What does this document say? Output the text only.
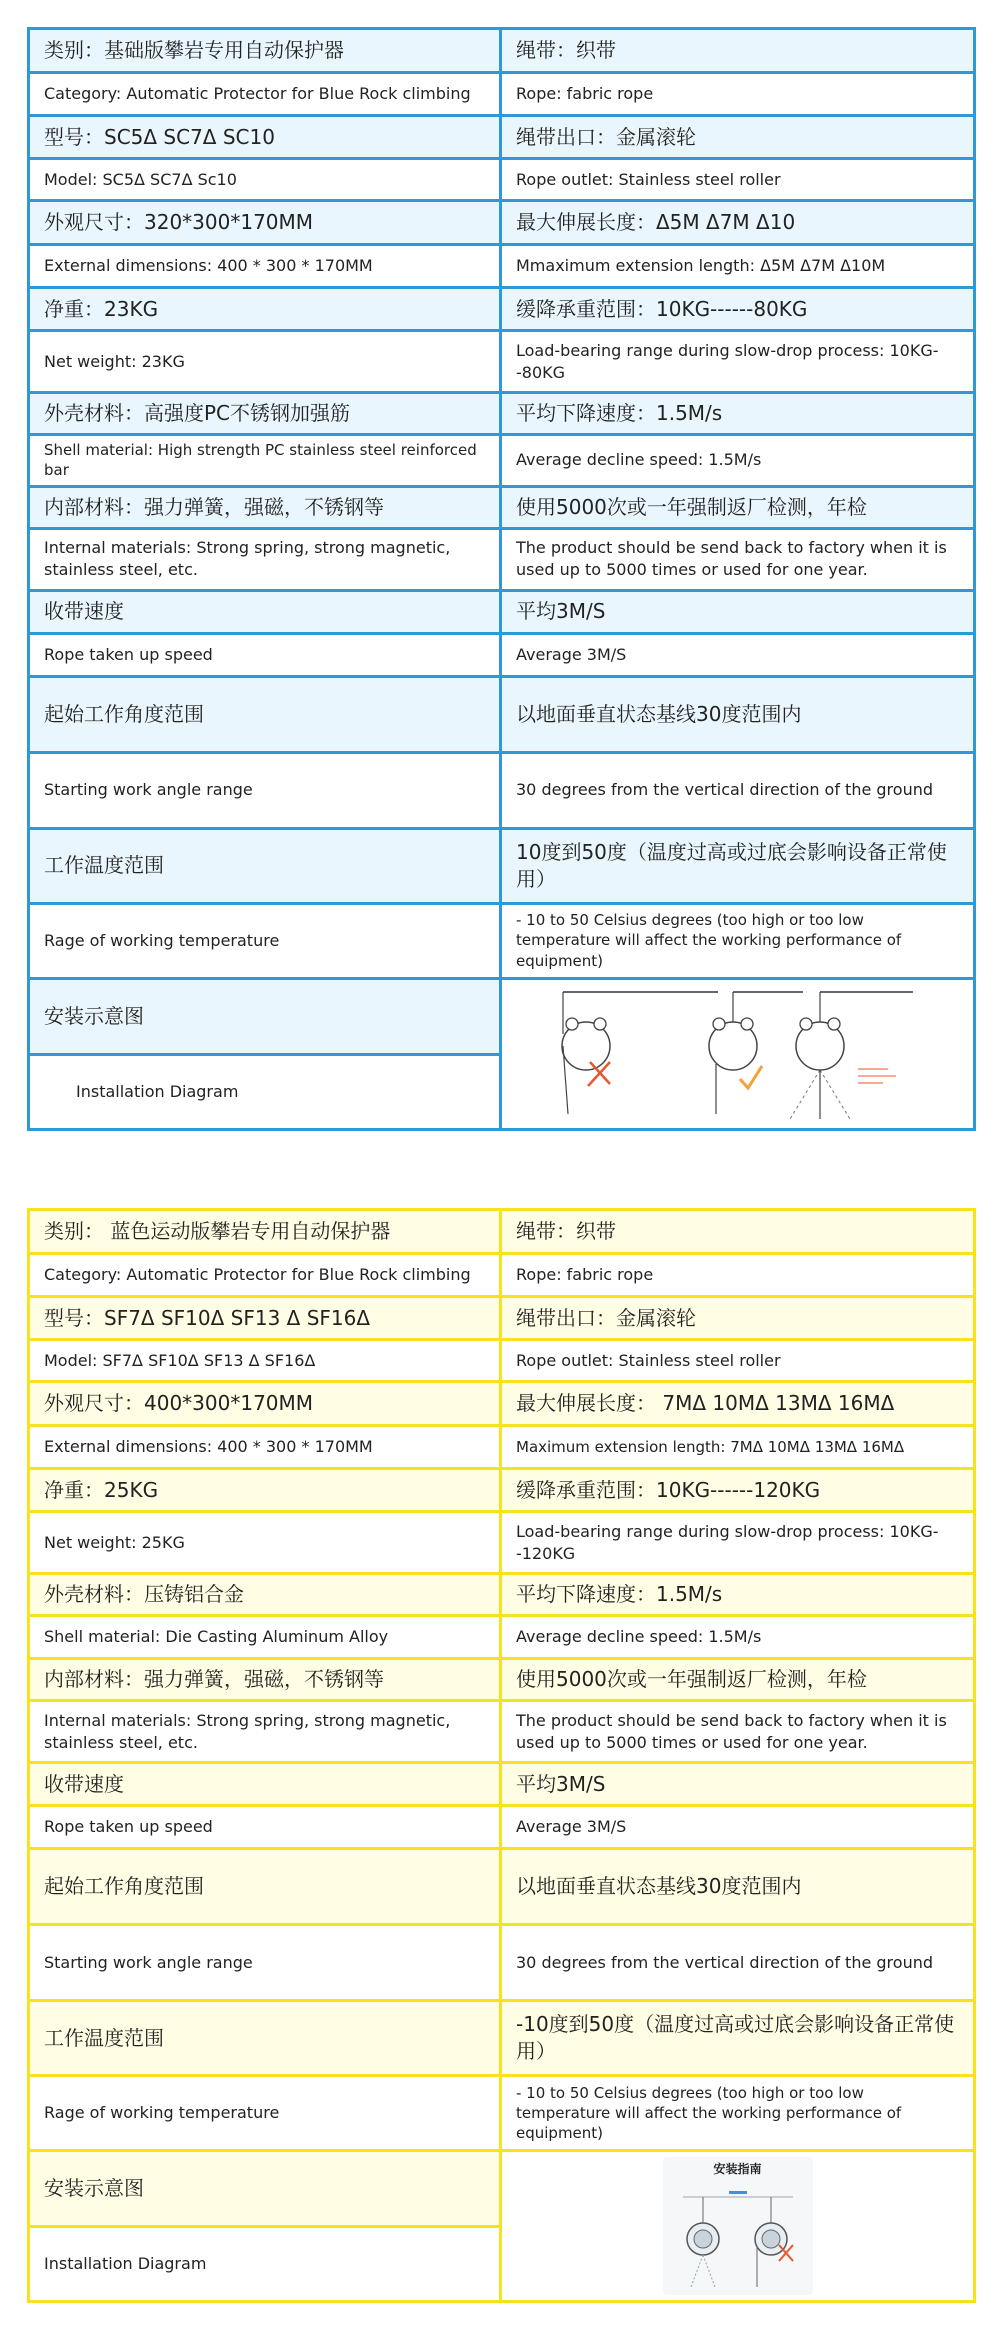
类别：基础版攀岩专用自动保护器	绳带：织带
Category: Automatic Protector for Blue Rock climbing	Rope: fabric rope
型号：SC5Δ SC7Δ SC10	绳带出口：金属滚轮
Model: SC5Δ SC7Δ Sc10	Rope outlet: Stainless steel roller
外观尺寸：320*300*170MM	最大伸展长度：Δ5M Δ7M Δ10
External dimensions: 400 * 300 * 170MM	Mmaximum extension length: Δ5M Δ7M Δ10M
净重：23KG	缓降承重范围：10KG------80KG
Net weight: 23KG	Load-bearing range during slow-drop process: 10KG--80KG
外壳材料：高强度PC不锈钢加强筋	平均下降速度：1.5M/s
Shell material: High strength PC stainless steel reinforced bar	Average decline speed: 1.5M/s
内部材料：强力弹簧，强磁，不锈钢等	使用5000次或一年强制返厂检测，年检
Internal materials: Strong spring, strong magnetic, stainless steel, etc.	The product should be send back to factory when it is used up to 5000 times or used for one year.
收带速度	平均3M/S
Rope taken up speed	Average 3M/S
起始工作角度范围	以地面垂直状态基线30度范围内
Starting work angle range	30 degrees from the vertical direction of the ground
工作温度范围	10度到50度（温度过高或过底会影响设备正常使用）
Rage of working temperature	- 10 to 50 Celsius degrees (too high or too low temperature will affect the working performance of equipment)
安装示意图	

Installation Diagram	
类别： 蓝色运动版攀岩专用自动保护器	绳带：织带
Category: Automatic Protector for Blue Rock climbing	Rope: fabric rope
型号：SF7Δ SF10Δ SF13 Δ SF16Δ	绳带出口：金属滚轮
Model: SF7Δ SF10Δ SF13 Δ SF16Δ	Rope outlet: Stainless steel roller
外观尺寸：400*300*170MM	最大伸展长度： 7MΔ 10MΔ 13MΔ 16MΔ
External dimensions: 400 * 300 * 170MM	Maximum extension length: 7MΔ 10MΔ 13MΔ 16MΔ
净重：25KG	缓降承重范围：10KG------120KG
Net weight: 25KG	Load-bearing range during slow-drop process: 10KG--120KG
外壳材料：压铸铝合金	平均下降速度：1.5M/s
Shell material: Die Casting Aluminum Alloy	Average decline speed: 1.5M/s
内部材料：强力弹簧，强磁，不锈钢等	使用5000次或一年强制返厂检测，年检
Internal materials: Strong spring, strong magnetic, stainless steel, etc.	The product should be send back to factory when it is used up to 5000 times or used for one year.
收带速度	平均3M/S
Rope taken up speed	Average 3M/S
起始工作角度范围	以地面垂直状态基线30度范围内
Starting work angle range	30 degrees from the vertical direction of the ground
工作温度范围	-10度到50度（温度过高或过底会影响设备正常使用）
Rage of working temperature	- 10 to 50 Celsius degrees (too high or too low temperature will affect the working performance of equipment)
安装示意图	安装指南

Installation Diagram	
